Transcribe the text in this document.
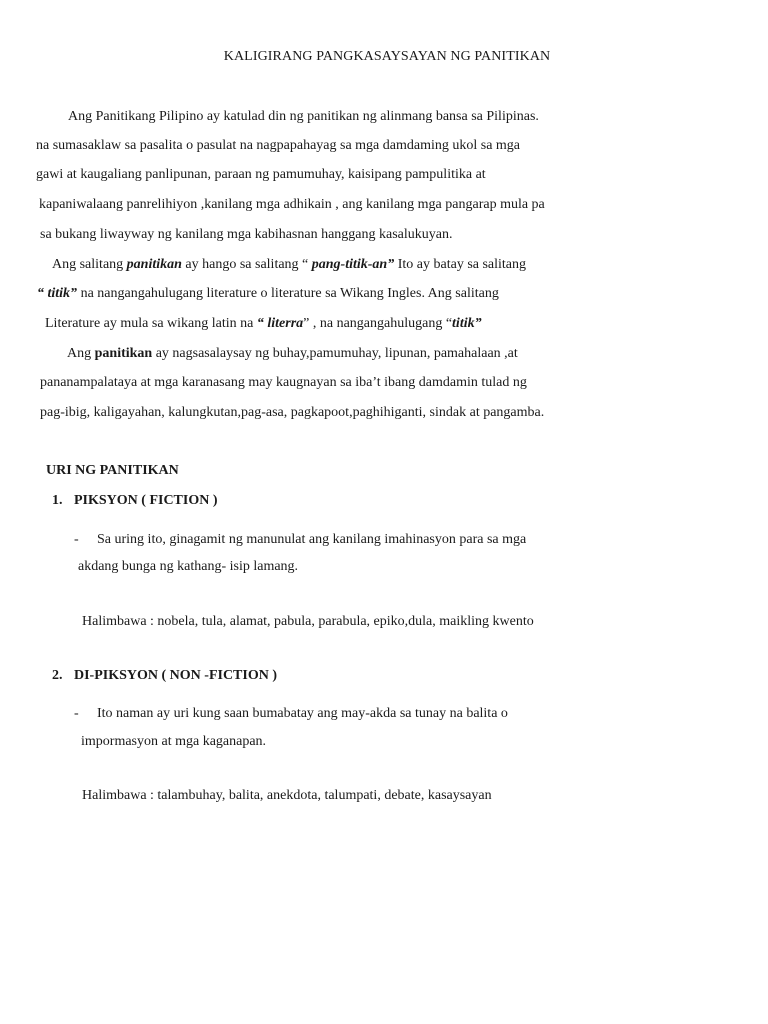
KALIGIRANG PANGKASAYSAYAN NG PANITIKAN
Ang Panitikang Pilipino ay katulad din ng panitikan ng alinmang bansa sa Pilipinas.
na sumasaklaw sa pasalita o pasulat na nagpapahayag sa mga damdaming ukol sa mga
gawi at kaugaliang panlipunan, paraan ng pamumuhay, kaisipang pampulitika at
kapaniwalaang panrelihiyon ,kanilang mga adhikain , ang kanilang mga pangarap mula pa
sa bukang liwayway ng kanilang mga kabihasnan hanggang kasalukuyan.
Ang salitang panitikan ay hango sa salitang “ pang-titik-an” Ito ay batay sa salitang
“ titik” na nangangahulugang literature o literature sa Wikang Ingles. Ang salitang
Literature ay mula sa wikang latin na “ literra” , na nangangahulugang “titik”
Ang panitikan ay nagsasalaysay ng buhay,pamumuhay, lipunan, pamahalaan ,at
pananampalataya at mga karanasang may kaugnayan sa iba’t ibang damdamin tulad ng
pag-ibig, kaligayahan, kalungkutan,pag-asa, pagkapoot,paghihiganti, sindak at pangamba.
URI NG PANITIKAN
1. PIKSYON ( FICTION )
- Sa uring ito, ginagamit ng manunulat ang kanilang imahinasyon para sa mga
akdang bunga ng kathang- isip lamang.
Halimbawa : nobela, tula, alamat, pabula, parabula, epiko,dula, maikling kwento
2. DI-PIKSYON ( NON -FICTION )
- Ito naman ay uri kung saan bumabatay ang may-akda sa tunay na balita o
impormasyon at mga kaganapan.
Halimbawa : talambuhay, balita, anekdota, talumpati, debate, kasaysayan
